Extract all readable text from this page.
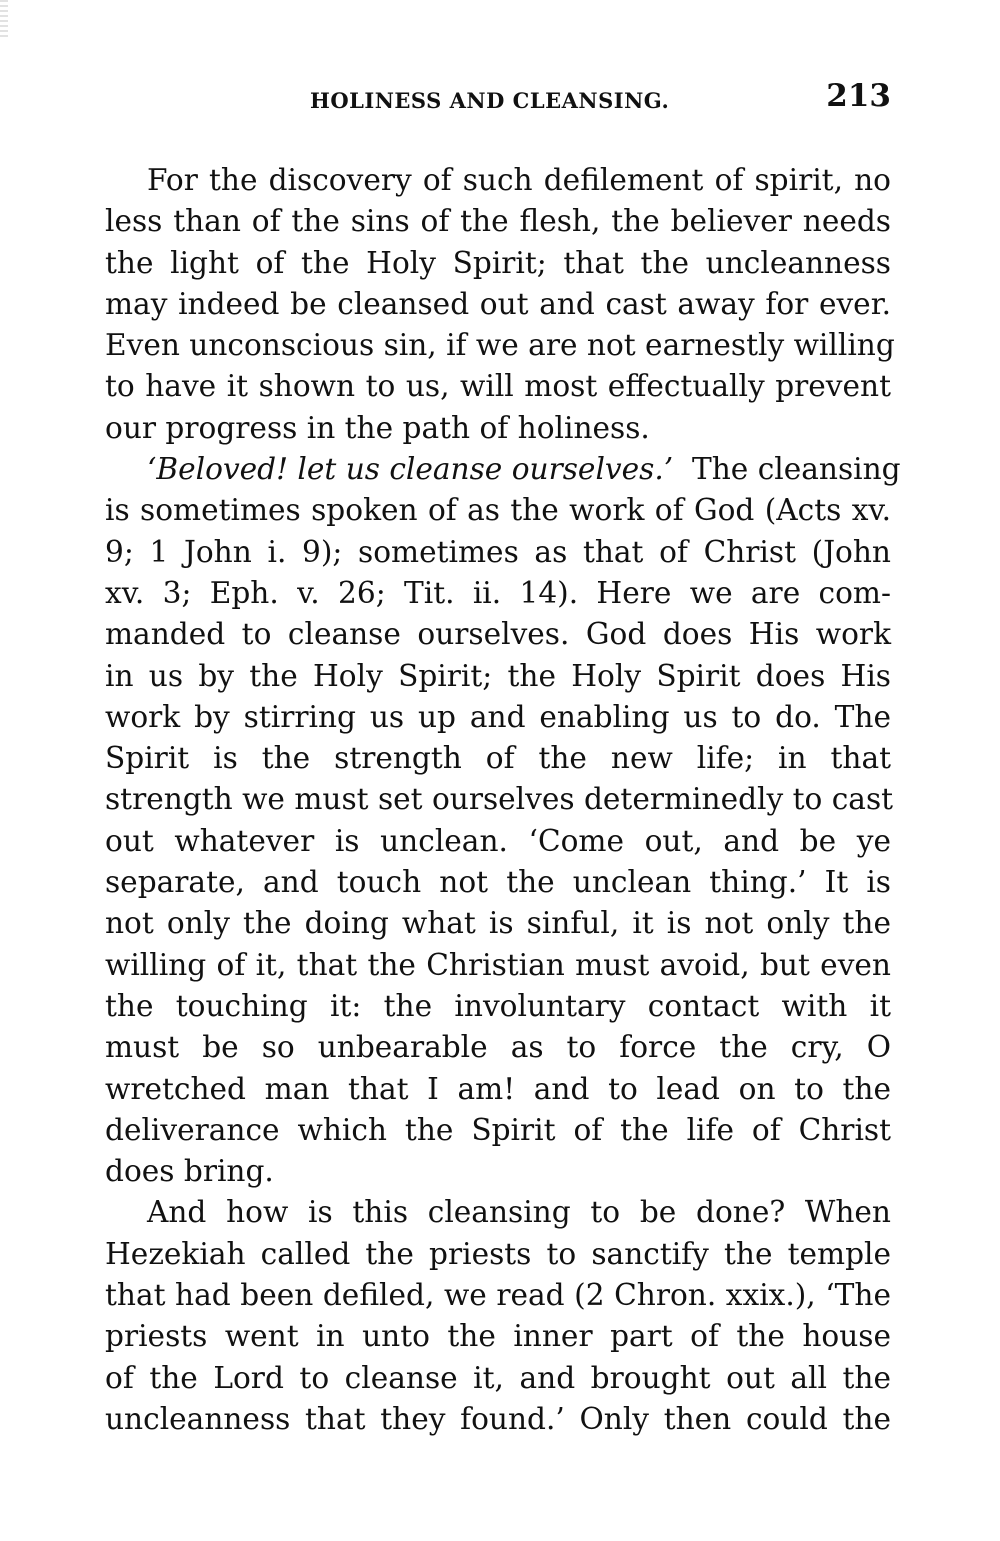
HOLINESS AND CLEANSING.	213
For the discovery of such defilement of spirit, no
less than of the sins of the flesh, the believer needs
the light of the Holy Spirit; that the uncleanness
may indeed be cleansed out and cast away for ever.
Even unconscious sin, if we are not earnestly willing
to have it shown to us, will most effectually prevent
our progress in the path of holiness.
‘Beloved! let us cleanse ourselves.’ The cleansing
is sometimes spoken of as the work of God (Acts xv.
9; 1 John i. 9); sometimes as that of Christ (John
xv. 3; Eph. v. 26; Tit. ii. 14). Here we are com-
manded to cleanse ourselves. God does His work
in us by the Holy Spirit; the Holy Spirit does His
work by stirring us up and enabling us to do. The
Spirit is the strength of the new life; in that
strength we must set ourselves determinedly to cast
out whatever is unclean. ‘Come out, and be ye
separate, and touch not the unclean thing.’ It is
not only the doing what is sinful, it is not only the
willing of it, that the Christian must avoid, but even
the touching it: the involuntary contact with it
must be so unbearable as to force the cry, O
wretched man that I am! and to lead on to the
deliverance which the Spirit of the life of Christ
does bring.
And how is this cleansing to be done? When
Hezekiah called the priests to sanctify the temple
that had been defiled, we read (2 Chron. xxix.), ‘The
priests went in unto the inner part of the house
of the Lord to cleanse it, and brought out all the
uncleanness that they found.’ Only then could the
